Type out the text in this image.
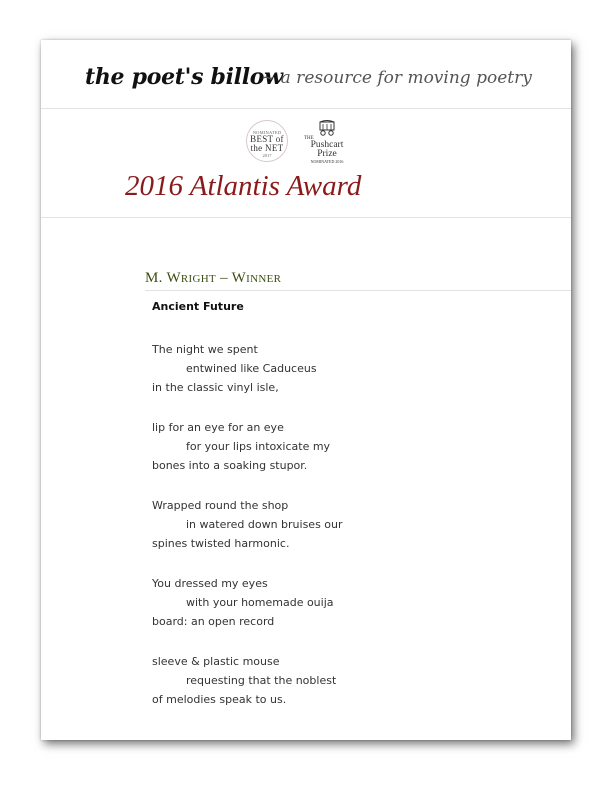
the poet's billow
~ a resource for moving poetry
NOMINATED
BEST of the NET
2017
THE
Pushcart Prize
NOMINATED 2016
2016 Atlantis Award
M. Wright – Winner
Ancient Future
The night we spent
entwined like Caduceus
in the classic vinyl isle,
lip for an eye for an eye
for your lips intoxicate my
bones into a soaking stupor.
Wrapped round the shop
in watered down bruises our
spines twisted harmonic.
You dressed my eyes
with your homemade ouija
board: an open record
sleeve & plastic mouse
requesting that the noblest
of melodies speak to us.
